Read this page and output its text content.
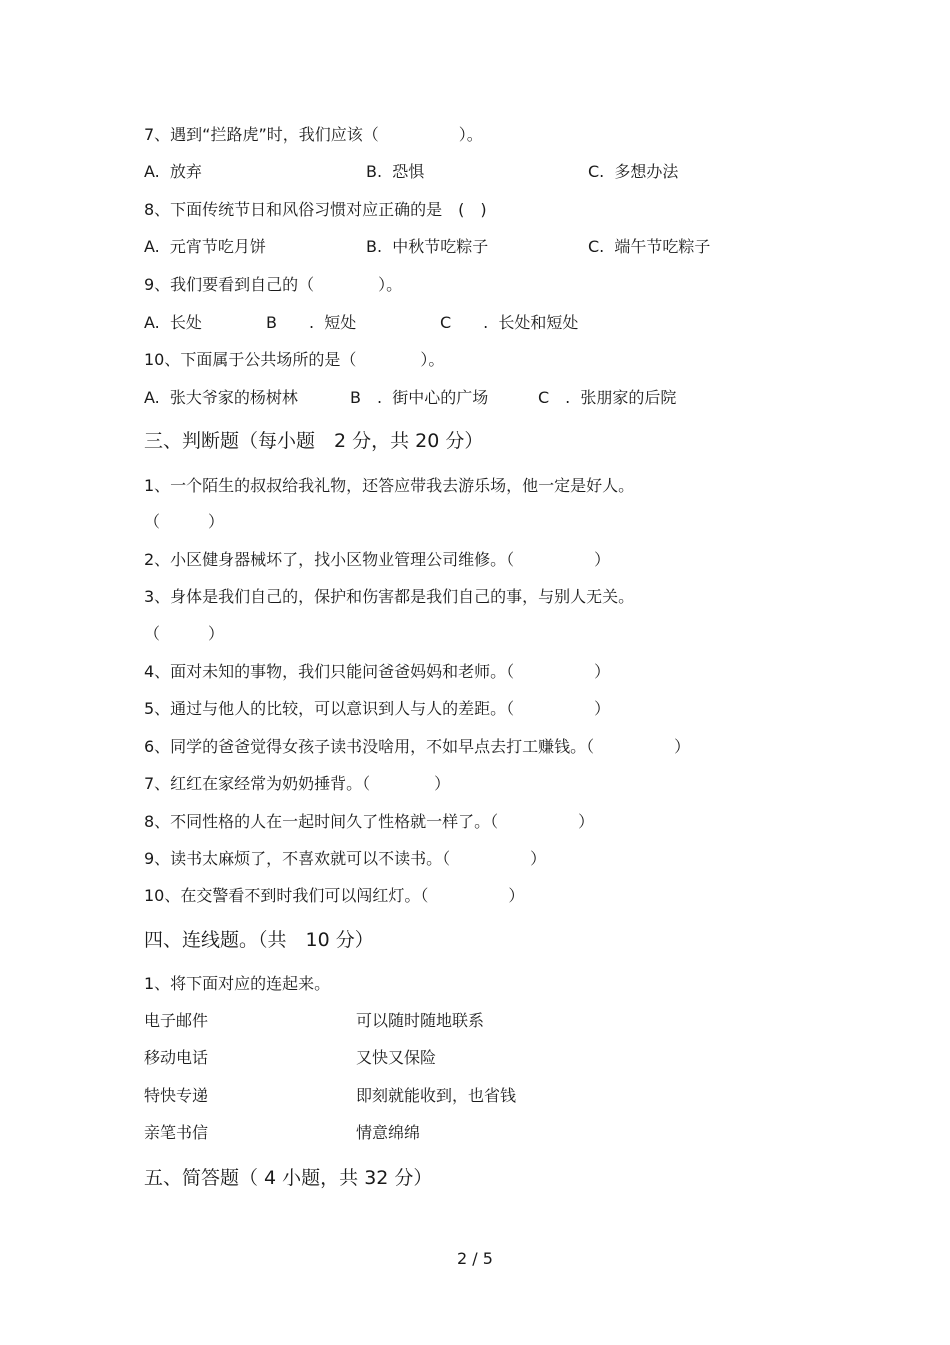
7、遇到“拦路虎”时，我们应该（　　　　　）。
A.  放弃	B.  恐惧	C.  多想办法
8、下面传统节日和风俗习惯对应正确的是　(　)
A.  元宵节吃月饼	B.  中秋节吃粽子	C.  端午节吃粽子
9、我们要看到自己的（　　　　）。
A.  长处	B　　.  短处	C　　.  长处和短处
10、下面属于公共场所的是（　　　　）。
A.  张大爷家的杨树林	B　.  街中心的广场	C　.  张朋家的后院
三、判断题（每小题　2 分，共 20 分）
1、一个陌生的叔叔给我礼物，还答应带我去游乐场，他一定是好人。
（　　　）
2、小区健身器械坏了，找小区物业管理公司维修。（　　　　　）
3、身体是我们自己的，保护和伤害都是我们自己的事，与别人无关。
（　　　）
4、面对未知的事物，我们只能问爸爸妈妈和老师。（　　　　　）
5、通过与他人的比较，可以意识到人与人的差距。（　　　　　）
6、同学的爸爸觉得女孩子读书没啥用，不如早点去打工赚钱。（　　　　　）
7、红红在家经常为奶奶捶背。（　　　　）
8、不同性格的人在一起时间久了性格就一样了。（　　　　　）
9、读书太麻烦了，不喜欢就可以不读书。（　　　　　）
10、在交警看不到时我们可以闯红灯。（　　　　　）
四、连线题。（共　10 分）
1、将下面对应的连起来。
电子邮件	可以随时随地联系
移动电话	又快又保险
特快专递	即刻就能收到，也省钱
亲笔书信	情意绵绵
五、简答题（ 4 小题，共 32 分）
2 / 5
